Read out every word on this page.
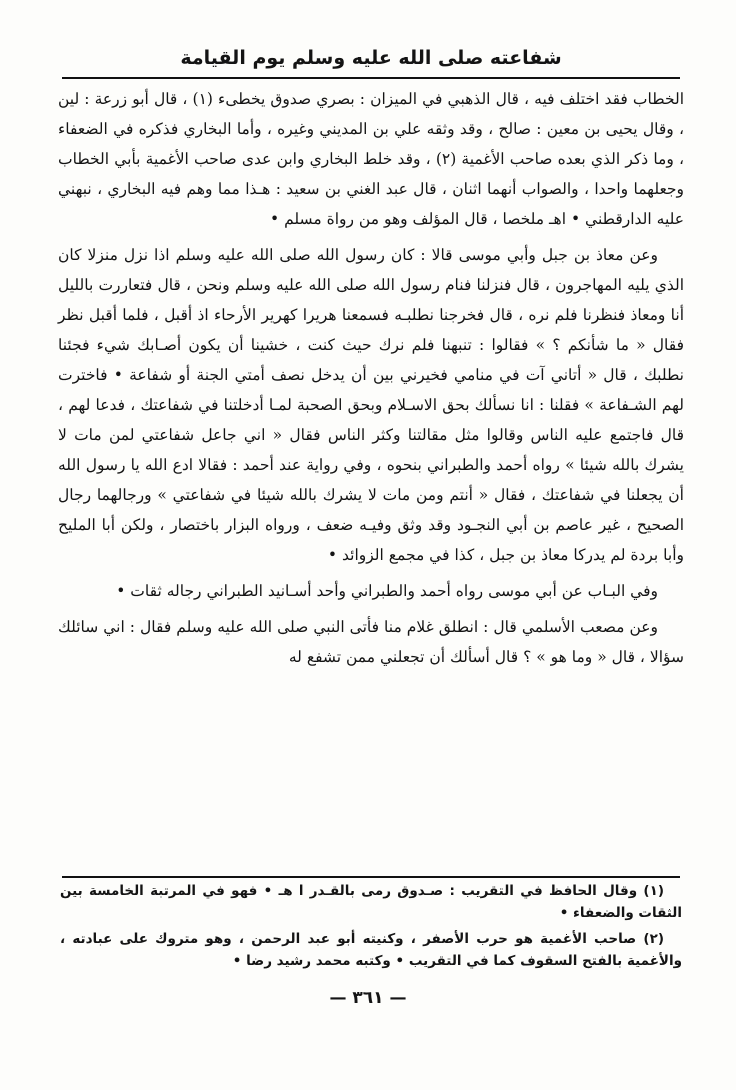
شفاعته صلى الله عليه وسلم يوم القيامة

الخطاب فقد اختلف فيه ، قال الذهبي في الميزان : بصري صدوق يخطىء (١) ، قال أبو زرعة : لين ، وقال يحيى بن معين : صالح ، وقد وثقه علي بن المديني وغيره ، وأما البخاري فذكره في الضعفاء ، وما ذكر الذي بعده صاحب الأغمية (٢) ، وقد خلط البخاري وابن عدى صاحب الأغمية بأبي الخطاب وجعلهما واحدا ، والصواب أنهما اثنان ، قال عبد الغني بن سعيد : هـذا مما وهم فيه البخاري ، نبهني عليه الدارقطني • اهـ ملخصا ، قال المؤلف وهو من رواة مسلم •

وعن معاذ بن جبل وأبي موسى قالا : كان رسول الله صلى الله عليه وسلم اذا نزل منزلا كان الذي يليه المهاجرون ، قال فنزلنا فنام رسول الله صلى الله عليه وسلم ونحن ، قال فتعاررت بالليل أنا ومعاذ فنظرنا فلم نره ، قال فخرجنا نطلبـه فسمعنا هريرا كهرير الأرحاء اذ أقبل ، فلما أقبل نظر فقال « ما شأنكم ؟ » فقالوا : تنبهنا فلم نرك حيث كنت ، خشينا أن يكون أصـابك شيء فجئنا نطلبك ، قال « أتاني آت في منامي فخيرني بين أن يدخل نصف أمتي الجنة أو شفاعة • فاخترت لهم الشـفاعة » فقلنا : انا نسألك بحق الاسـلام وبحق الصحبة لمـا أدخلتنا في شفاعتك ، فدعا لهم ، قال فاجتمع عليه الناس وقالوا مثل مقالتنا وكثر الناس فقال « اني جاعل شفاعتي لمن مات لا يشرك بالله شيئا » رواه أحمد والطبراني بنحوه ، وفي رواية عند أحمد : فقالا ادع الله يا رسول الله أن يجعلنا في شفاعتك ، فقال « أنتم ومن مات لا يشرك بالله شيئا في شفاعتي » ورجالهما رجال الصحيح ، غير عاصم بن أبي النجـود وقد وثق وفيـه ضعف ، ورواه البزار باختصار ، ولكن أبا المليح وأبا بردة لم يدركا معاذ بن جبل ، كذا في مجمع الزوائد •

وفي البـاب عن أبي موسى رواه أحمد والطبراني وأحد أسـانيد الطبراني رجاله ثقات •

وعن مصعب الأسلمي قال : انطلق غلام منا فأتى النبي صلى الله عليه وسلم فقال : اني سائلك سؤالا ، قال « وما هو » ؟ قال أسألك أن تجعلني ممن تشفع له

(١) وقال الحافظ في التقريب : صـدوق رمى بالقـدر ا هـ • فهو في المرتبة الخامسة بين الثقات والضعفاء •

(٢) صاحب الأغمية هو حرب الأصفر ، وكنيته أبو عبد الرحمن ، وهو متروك على عبادته ، والأغمية بالفتح السقوف كما في التقريب • وكتبه محمد رشيد رضا •

— ٣٦١ —
